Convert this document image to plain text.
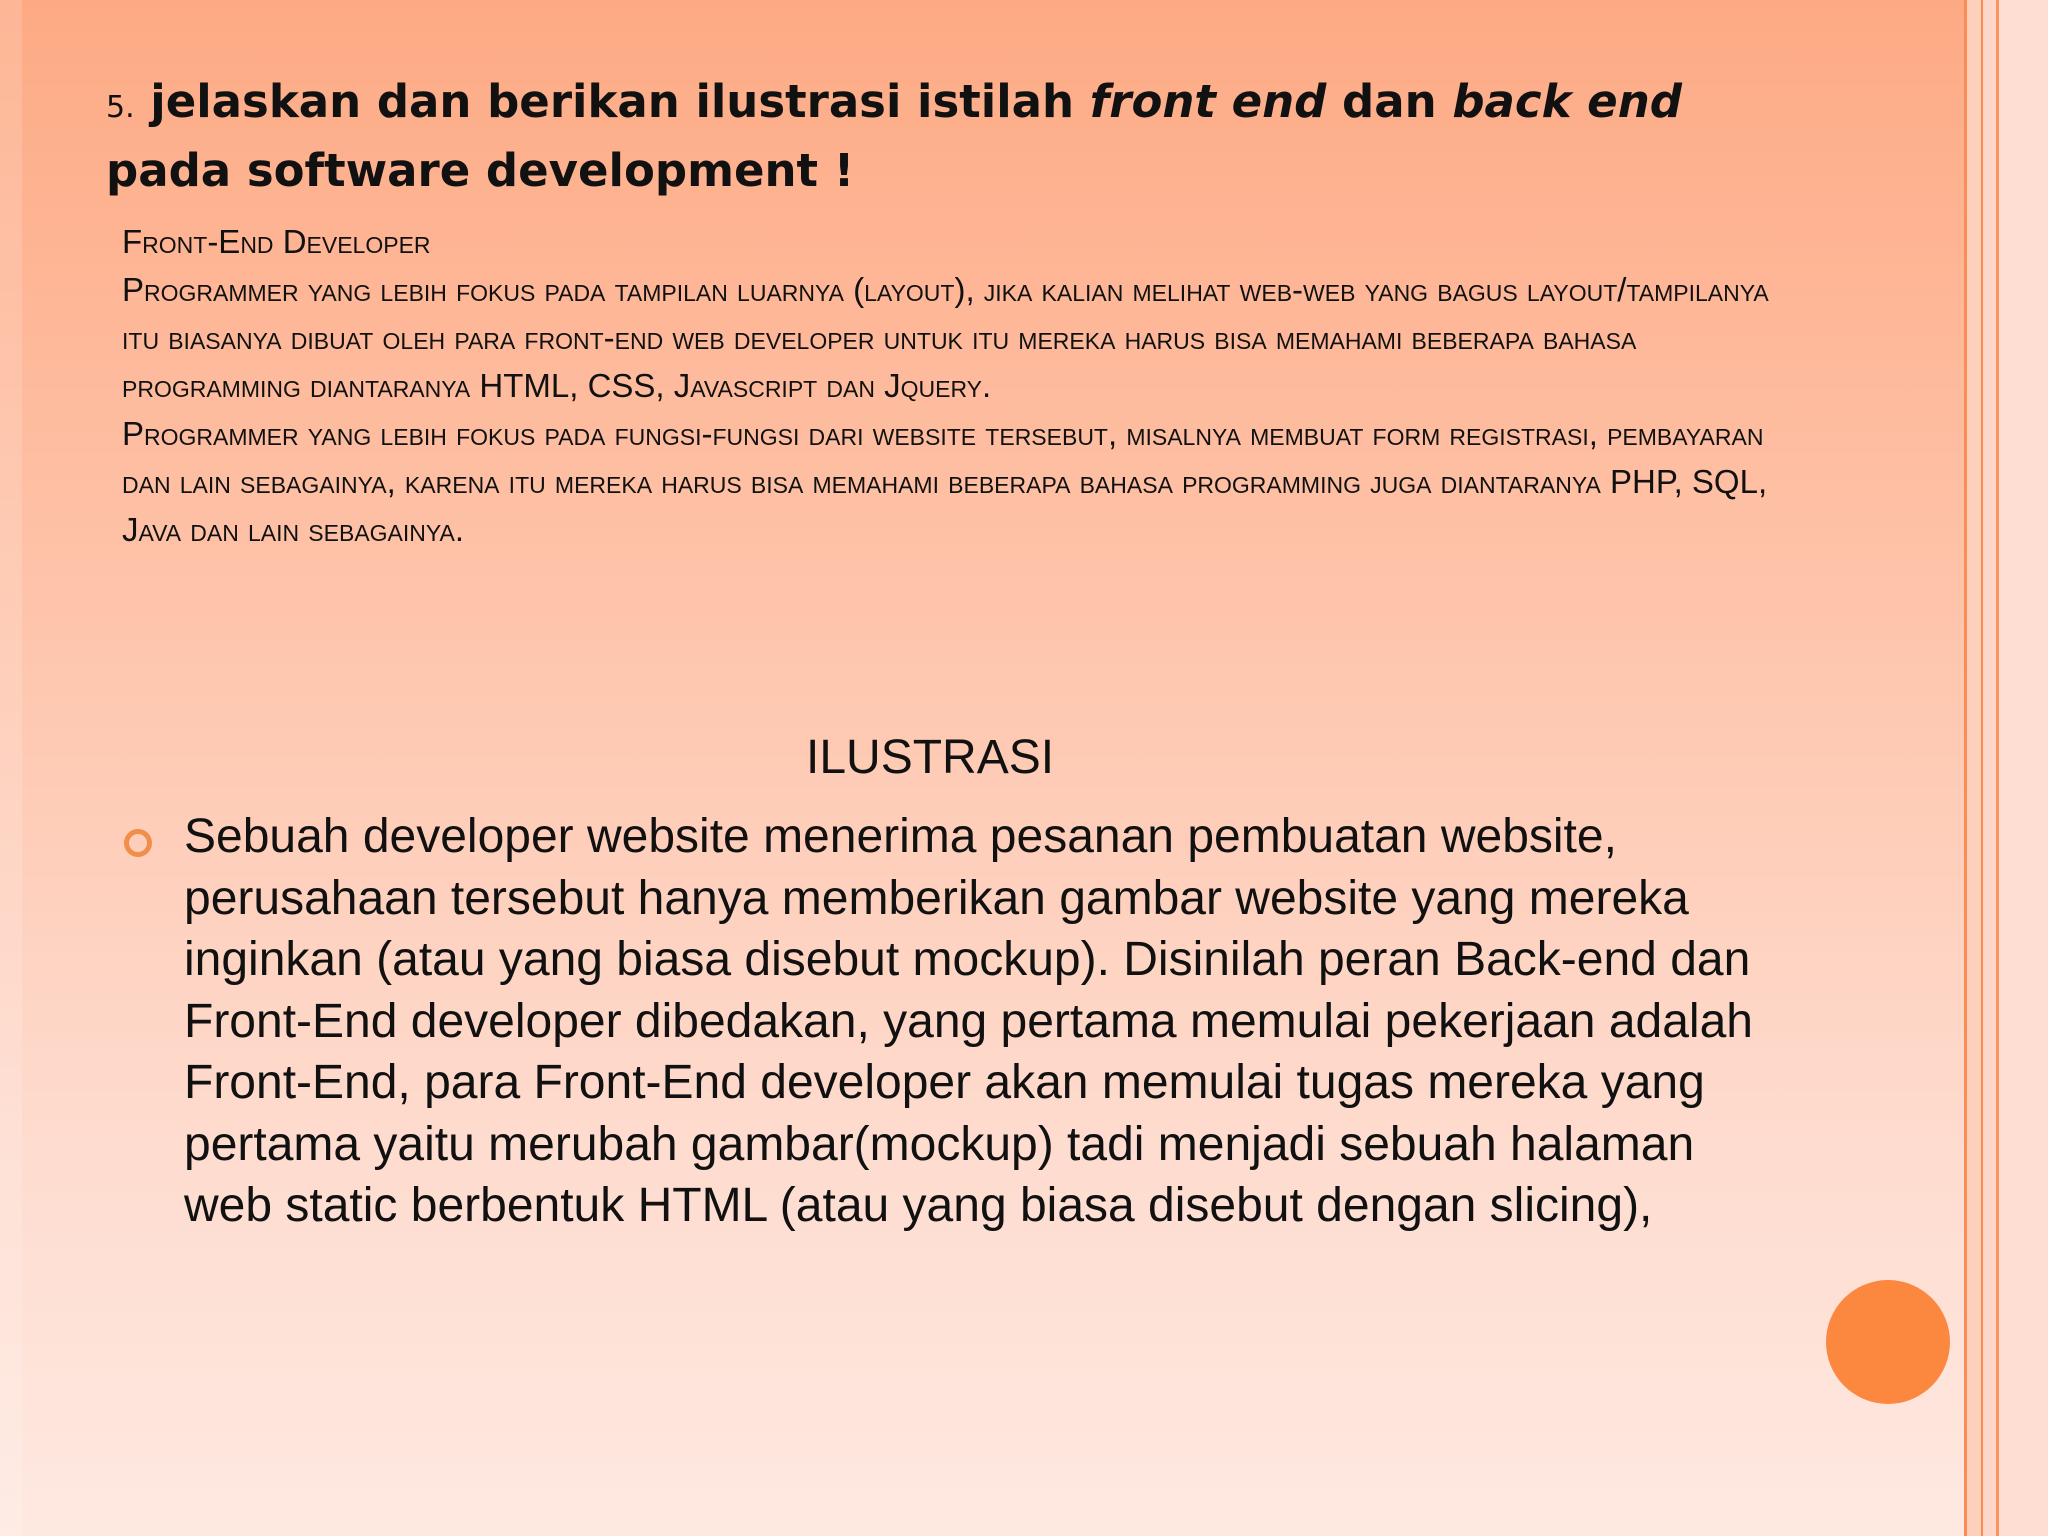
5. jelaskan dan berikan ilustrasi istilah front end dan back end pada software development !

Front-End Developer

Programmer yang lebih fokus pada tampilan luarnya (layout), jika kalian melihat web-web yang bagus layout/tampilanya itu biasanya dibuat oleh para front-end web developer untuk itu mereka harus bisa memahami beberapa bahasa programming diantaranya HTML, CSS, Javascript dan Jquery.

Programmer yang lebih fokus pada fungsi-fungsi dari website tersebut, misalnya membuat form registrasi, pembayaran dan lain sebagainya, karena itu mereka harus bisa memahami beberapa bahasa programming juga diantaranya PHP, SQL, Java dan lain sebagainya.

ILUSTRASI
Sebuah developer website menerima pesanan pembuatan website, perusahaan tersebut hanya memberikan gambar website yang mereka inginkan (atau yang biasa disebut mockup). Disinilah peran Back-end dan Front-End developer dibedakan, yang pertama memulai pekerjaan adalah Front-End, para Front-End developer akan memulai tugas mereka yang pertama yaitu merubah gambar(mockup) tadi menjadi sebuah halaman web static berbentuk HTML (atau yang biasa disebut dengan slicing),
